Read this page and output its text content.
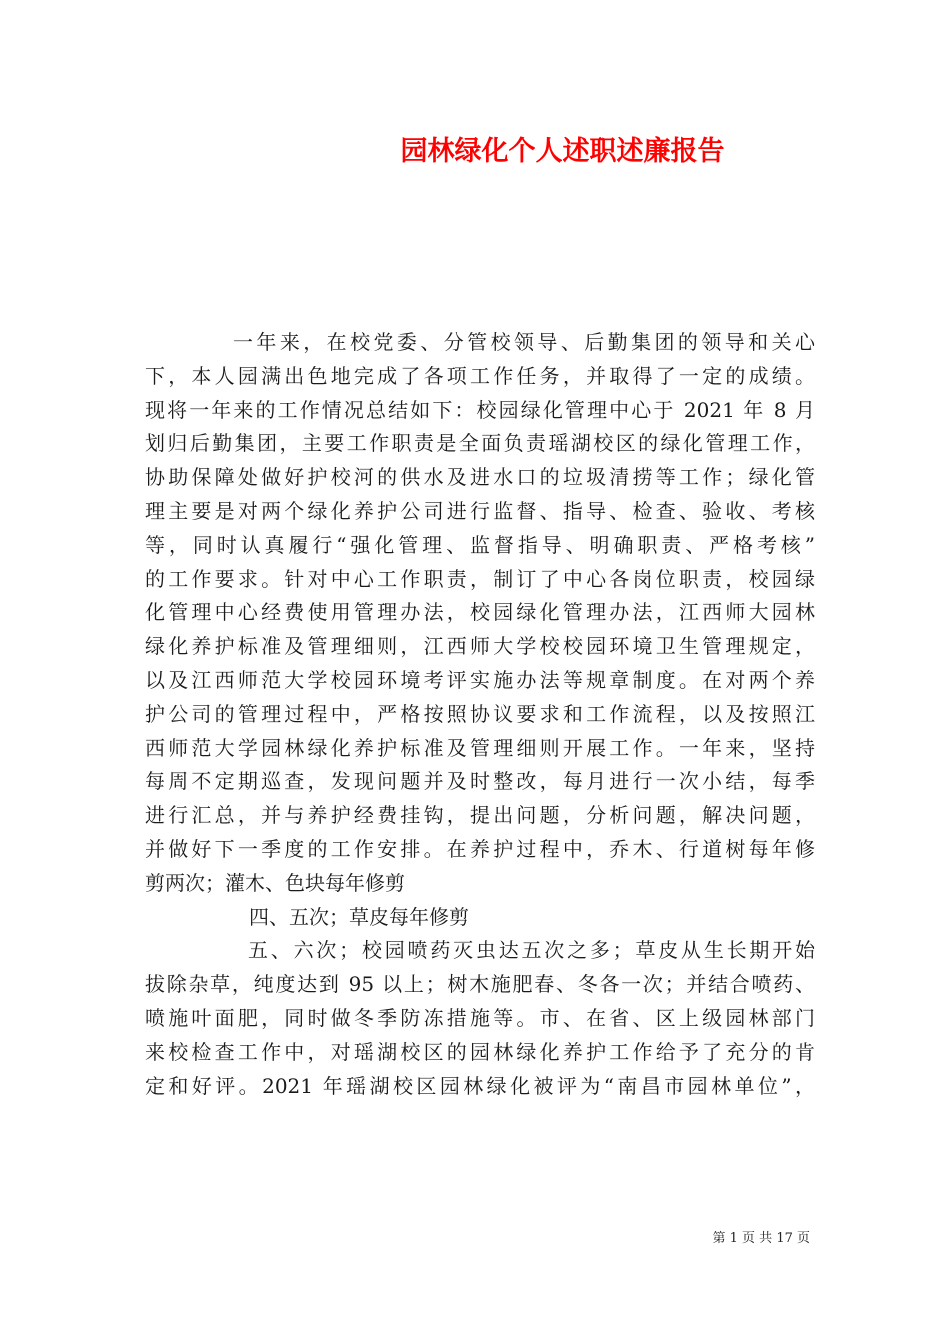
园林绿化个人述职述廉报告
一年来，在校党委、分管校领导、后勤集团的领导和关心
下，本人园满出色地完成了各项工作任务，并取得了一定的成绩。
现将一年来的工作情况总结如下：校园绿化管理中心于 2021 年 8 月
划归后勤集团，主要工作职责是全面负责瑶湖校区的绿化管理工作，
协助保障处做好护校河的供水及进水口的垃圾清捞等工作；绿化管
理主要是对两个绿化养护公司进行监督、指导、检查、验收、考核
等，同时认真履行“强化管理、监督指导、明确职责、严格考核”
的工作要求。针对中心工作职责，制订了中心各岗位职责，校园绿
化管理中心经费使用管理办法，校园绿化管理办法，江西师大园林
绿化养护标准及管理细则，江西师大学校校园环境卫生管理规定，
以及江西师范大学校园环境考评实施办法等规章制度。在对两个养
护公司的管理过程中，严格按照协议要求和工作流程，以及按照江
西师范大学园林绿化养护标准及管理细则开展工作。一年来，坚持
每周不定期巡查，发现问题并及时整改，每月进行一次小结，每季
进行汇总，并与养护经费挂钩，提出问题，分析问题，解决问题，
并做好下一季度的工作安排。在养护过程中，乔木、行道树每年修
剪两次；灌木、色块每年修剪
四、五次；草皮每年修剪
五、六次；校园喷药灭虫达五次之多；草皮从生长期开始
拔除杂草，纯度达到 95 以上；树木施肥春、冬各一次；并结合喷药、
喷施叶面肥，同时做冬季防冻措施等。市、在省、区上级园林部门
来校检查工作中，对瑶湖校区的园林绿化养护工作给予了充分的肯
定和好评。2021 年瑶湖校区园林绿化被评为“南昌市园林单位”，
第 1 页 共 17 页
